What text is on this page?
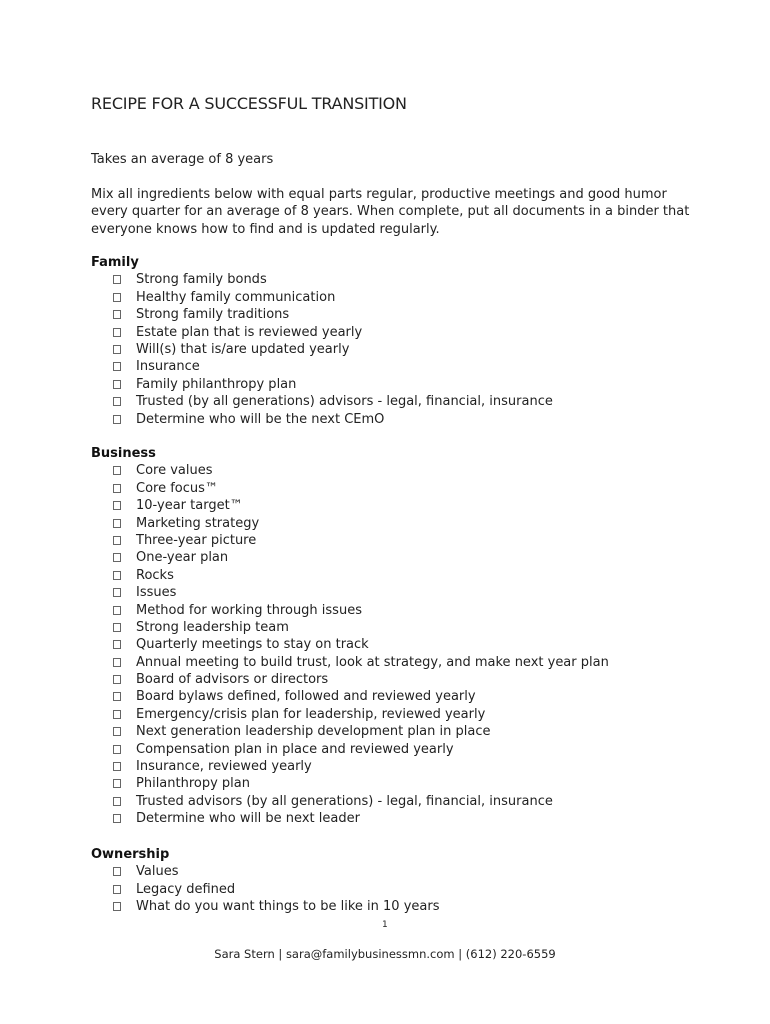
RECIPE FOR A SUCCESSFUL TRANSITION
Takes an average of 8 years
Mix all ingredients below with equal parts regular, productive meetings and good humor every quarter for an average of 8 years. When complete, put all documents in a binder that everyone knows how to find and is updated regularly.
Family
Strong family bonds
Healthy family communication
Strong family traditions
Estate plan that is reviewed yearly
Will(s) that is/are updated yearly
Insurance
Family philanthropy plan
Trusted (by all generations) advisors - legal, financial, insurance
Determine who will be the next CEmO
Business
Core values
Core focus™
10-year target™
Marketing strategy
Three-year picture
One-year plan
Rocks
Issues
Method for working through issues
Strong leadership team
Quarterly meetings to stay on track
Annual meeting to build trust, look at strategy, and make next year plan
Board of advisors or directors
Board bylaws defined, followed and reviewed yearly
Emergency/crisis plan for leadership, reviewed yearly
Next generation leadership development plan in place
Compensation plan in place and reviewed yearly
Insurance, reviewed yearly
Philanthropy plan
Trusted advisors (by all generations) - legal, financial, insurance
Determine who will be next leader
Ownership
Values
Legacy defined
What do you want things to be like in 10 years
1
Sara Stern | sara@familybusinessmn.com | (612) 220-6559
